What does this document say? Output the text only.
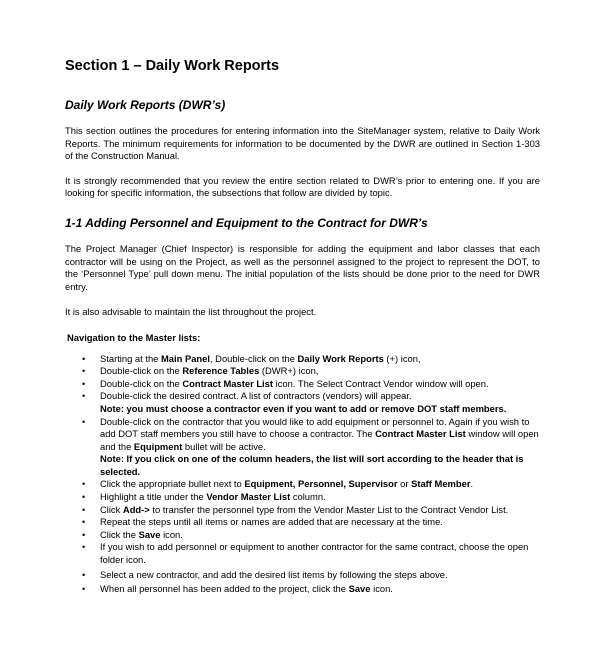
Section 1 – Daily Work Reports
Daily Work Reports (DWR’s)

This section outlines the procedures for entering information into the SiteManager system, relative to Daily Work Reports. The minimum requirements for information to be documented by the DWR are outlined in Section 1-303 of the Construction Manual.

It is strongly recommended that you review the entire section related to DWR’s prior to entering one. If you are looking for specific information, the subsections that follow are divided by topic.

1-1 Adding Personnel and Equipment to the Contract for DWR’s

The Project Manager (Chief Inspector) is responsible for adding the equipment and labor classes that each contractor will be using on the Project, as well as the personnel assigned to the project to represent the DOT, to the ‘Personnel Type’ pull down menu. The initial population of the lists should be done prior to the need for DWR entry.

It is also advisable to maintain the list throughout the project.

Navigation to the Master lists:
• Starting at the Main Panel, Double-click on the Daily Work Reports (+) icon,
• Double-click on the Reference Tables (DWR+) icon,
• Double-click on the Contract Master List icon. The Select Contract Vendor window will open.
• Double-click the desired contract. A list of contractors (vendors) will appear.
Note: you must choose a contractor even if you want to add or remove DOT staff members.
• Double-click on the contractor that you would like to add equipment or personnel to. Again if you wish to add DOT staff members you still have to choose a contractor. The Contract Master List window will open and the Equipment bullet will be active.
Note: If you click on one of the column headers, the list will sort according to the header that is selected.
• Click the appropriate bullet next to Equipment, Personnel, Supervisor or Staff Member.
• Highlight a title under the Vendor Master List column.
• Click Add-> to transfer the personnel type from the Vendor Master List to the Contract Vendor List.
• Repeat the steps until all items or names are added that are necessary at the time.
• Click the Save icon.
• If you wish to add personnel or equipment to another contractor for the same contract, choose the open folder icon.
• Select a new contractor, and add the desired list items by following the steps above.
• When all personnel has been added to the project, click the Save icon.
